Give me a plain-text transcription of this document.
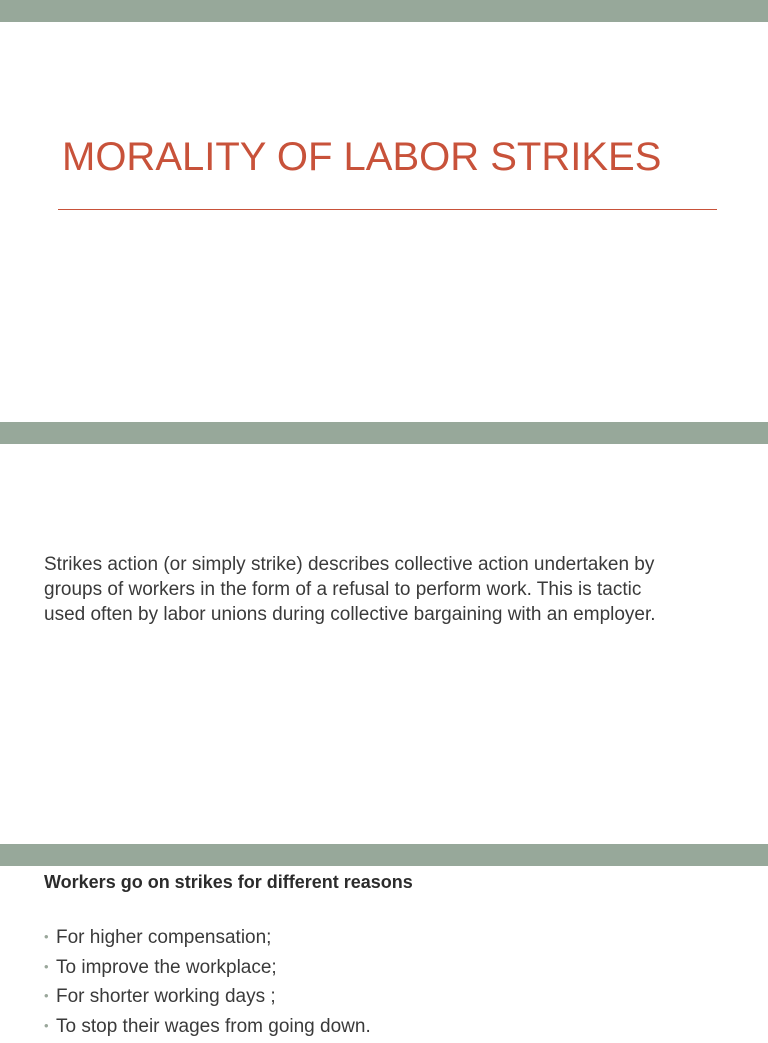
MORALITY OF LABOR STRIKES

Strikes action (or simply strike) describes collective action undertaken by
groups of workers in the form of a refusal to perform work. This is tactic
used often by labor unions during collective bargaining with an employer.

Workers go on strikes for different reasons

• For higher compensation;
• To improve the workplace;
• For shorter working days ;
• To stop their wages from going down.
